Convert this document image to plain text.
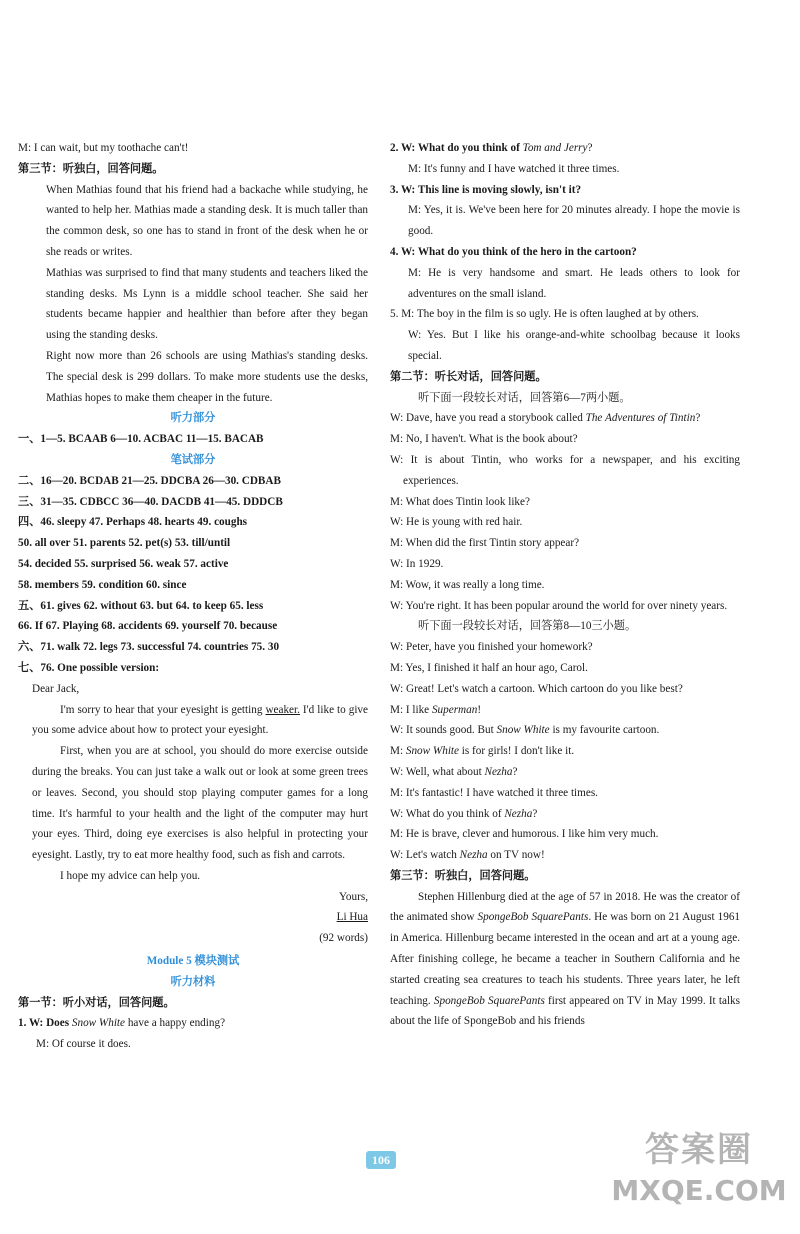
M: I can wait, but my toothache can't!
第三节：听独白，回答问题。
When Mathias found that his friend had a backache while studying, he wanted to help her. Mathias made a standing desk. It is much taller than the common desk, so one has to stand in front of the desk when he or she reads or writes.
Mathias was surprised to find that many students and teachers liked the standing desks. Ms Lynn is a middle school teacher. She said her students became happier and healthier than before after they began using the standing desks.
Right now more than 26 schools are using Mathias's standing desks. The special desk is 299 dollars. To make more students use the desks, Mathias hopes to make them cheaper in the future.
听力部分
一、1—5. BCAAB 6—10. ACBAC 11—15. BACAB
笔试部分
二、16—20. BCDAB 21—25. DDCBA 26—30. CDBAB
三、31—35. CDBCC 36—40. DACDB 41—45. DDDCB
四、46. sleepy 47. Perhaps 48. hearts 49. coughs
50. all over 51. parents 52. pet(s) 53. till/until
54. decided 55. surprised 56. weak 57. active
58. members 59. condition 60. since
五、61. gives 62. without 63. but 64. to keep 65. less
66. If 67. Playing 68. accidents 69. yourself 70. because
六、71. walk 72. legs 73. successful 74. countries 75. 30
七、76. One possible version:
Dear Jack,
I'm sorry to hear that your eyesight is getting weaker. I'd like to give you some advice about how to protect your eyesight.
First, when you are at school, you should do more exercise outside during the breaks. You can just take a walk out or look at some green trees or leaves. Second, you should stop playing computer games for a long time. It's harmful to your health and the light of the computer may hurt your eyes. Third, doing eye exercises is also helpful in protecting your eyesight. Lastly, try to eat more healthy food, such as fish and carrots.
I hope my advice can help you.
Yours,
Li Hua
(92 words)
Module 5 模块测试
听力材料
第一节：听小对话，回答问题。
1. W: Does Snow White have a happy ending?
M: Of course it does.
2. W: What do you think of Tom and Jerry?
M: It's funny and I have watched it three times.
3. W: This line is moving slowly, isn't it?
M: Yes, it is. We've been here for 20 minutes already. I hope the movie is good.
4. W: What do you think of the hero in the cartoon?
M: He is very handsome and smart. He leads others to look for adventures on the small island.
5. M: The boy in the film is so ugly. He is often laughed at by others.
W: Yes. But I like his orange-and-white schoolbag because it looks special.
第二节：听长对话，回答问题。
听下面一段较长对话，回答第6—7两小题。
W: Dave, have you read a storybook called The Adventures of Tintin?
M: No, I haven't. What is the book about?
W: It is about Tintin, who works for a newspaper, and his exciting experiences.
M: What does Tintin look like?
W: He is young with red hair.
M: When did the first Tintin story appear?
W: In 1929.
M: Wow, it was really a long time.
W: You're right. It has been popular around the world for over ninety years.
听下面一段较长对话，回答第8—10三小题。
W: Peter, have you finished your homework?
M: Yes, I finished it half an hour ago, Carol.
W: Great! Let's watch a cartoon. Which cartoon do you like best?
M: I like Superman!
W: It sounds good. But Snow White is my favourite cartoon.
M: Snow White is for girls! I don't like it.
W: Well, what about Nezha?
M: It's fantastic! I have watched it three times.
W: What do you think of Nezha?
M: He is brave, clever and humorous. I like him very much.
W: Let's watch Nezha on TV now!
第三节：听独白，回答问题。
Stephen Hillenburg died at the age of 57 in 2018. He was the creator of the animated show SpongeBob SquarePants. He was born on 21 August 1961 in America. Hillenburg became interested in the ocean and art at a young age. After finishing college, he became a teacher in Southern California and he started creating sea creatures to teach his students. Three years later, he left teaching. SpongeBob SquarePants first appeared on TV in May 1999. It talks about the life of SpongeBob and his friends
106	答案圈
MXQE.COM
